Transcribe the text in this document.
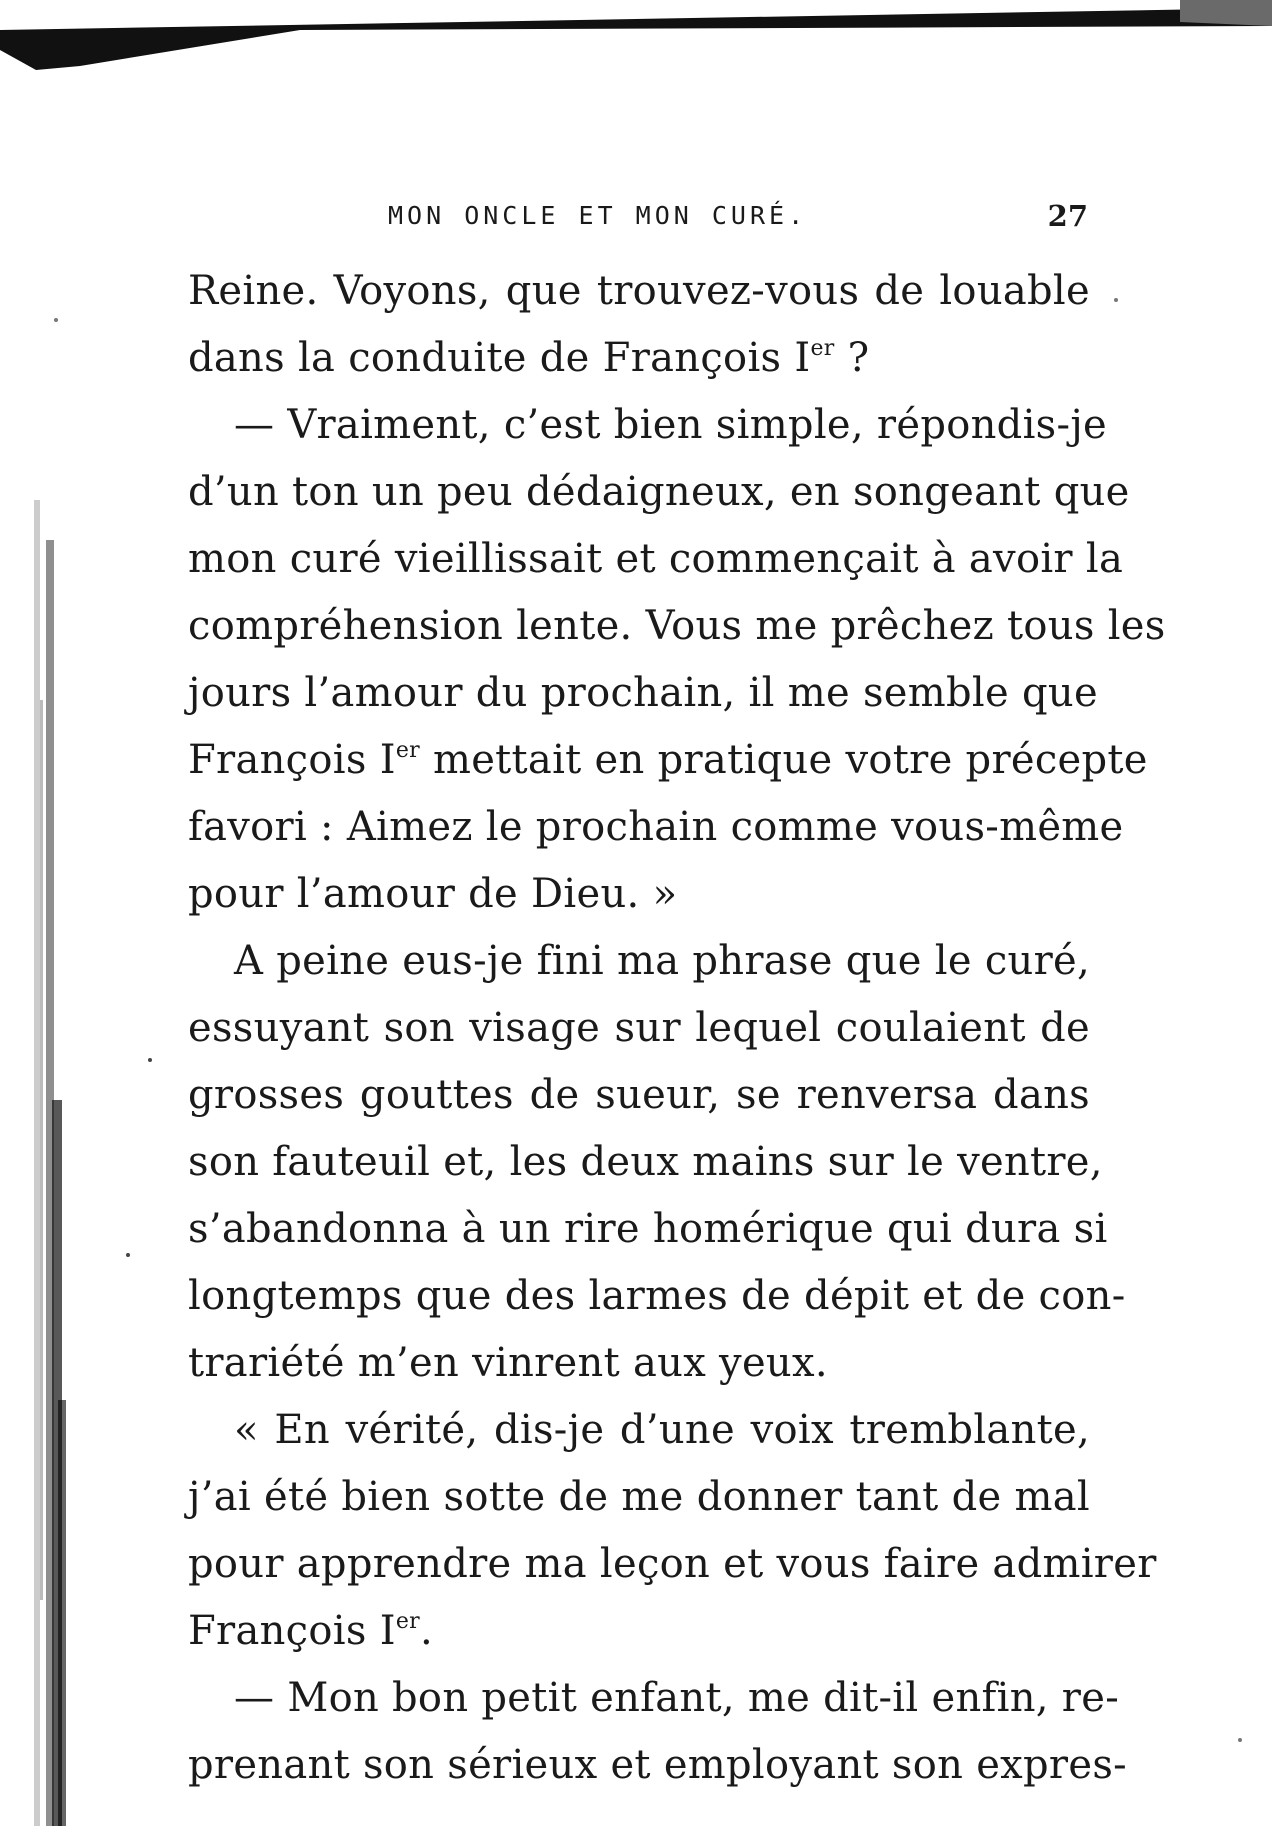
MON ONCLE ET MON CURÉ.	27
Reine. Voyons, que trouvez-vous de louable
dans la conduite de François Ier ?
— Vraiment, c’est bien simple, répondis-je
d’un ton un peu dédaigneux, en songeant que
mon curé vieillissait et commençait à avoir la
compréhension lente. Vous me prêchez tous les
jours l’amour du prochain, il me semble que
François Ier mettait en pratique votre précepte
favori : Aimez le prochain comme vous-même
pour l’amour de Dieu. »
A peine eus-je fini ma phrase que le curé,
essuyant son visage sur lequel coulaient de
grosses gouttes de sueur, se renversa dans
son fauteuil et, les deux mains sur le ventre,
s’abandonna à un rire homérique qui dura si
longtemps que des larmes de dépit et de con-
trariété m’en vinrent aux yeux.
« En vérité, dis-je d’une voix tremblante,
j’ai été bien sotte de me donner tant de mal
pour apprendre ma leçon et vous faire admirer
François Ier.
— Mon bon petit enfant, me dit-il enfin, re-
prenant son sérieux et employant son expres-
